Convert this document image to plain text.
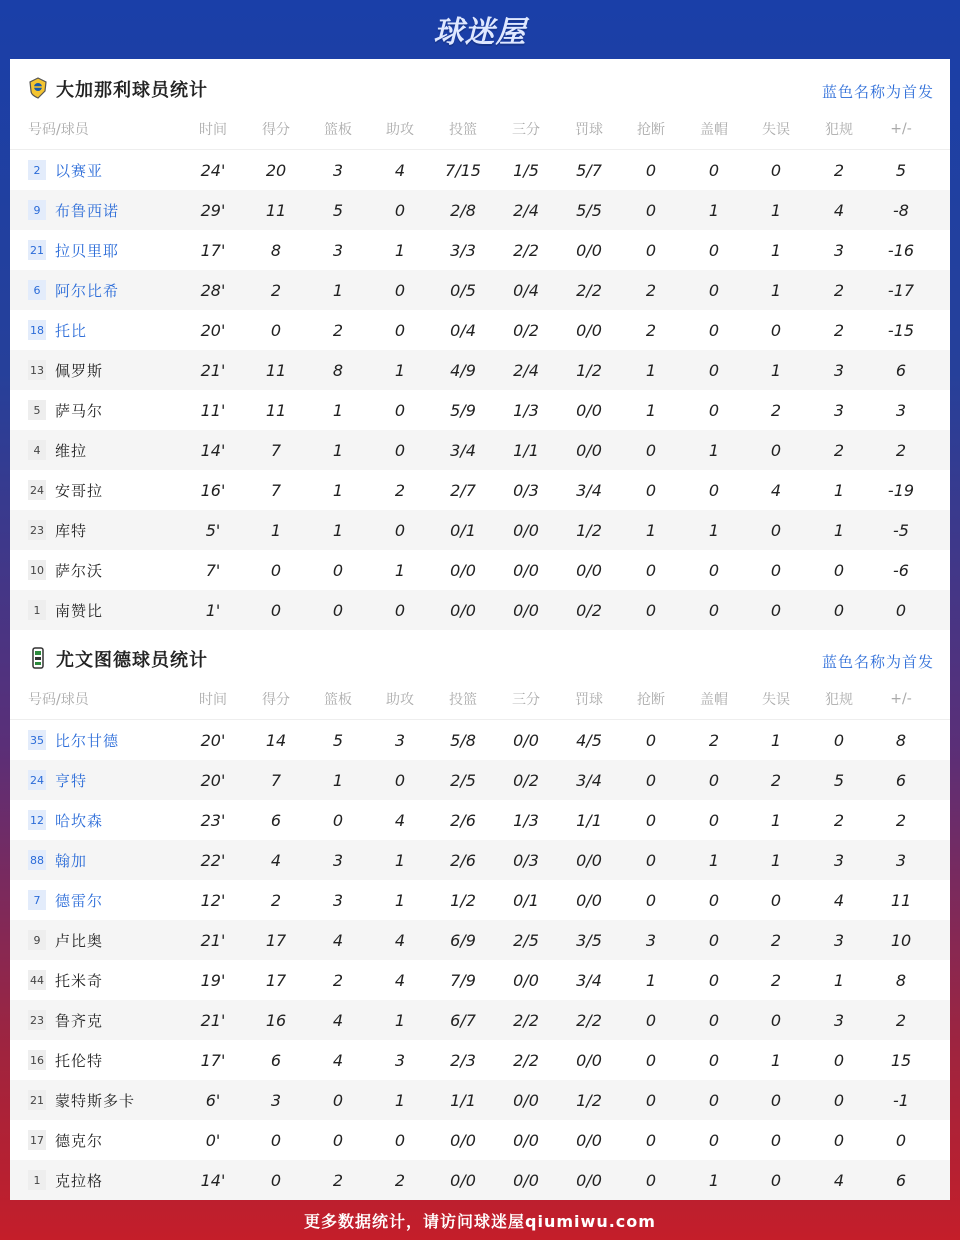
球迷屋
大加那利球员统计	蓝色名称为首发
号码/球员	时间	得分	篮板	助攻	投篮	三分	罚球	抢断	盖帽	失误	犯规	+/-
2 以赛亚	24'	20	3	4	7/15	1/5	5/7	0	0	0	2	5
9 布鲁西诺	29'	11	5	0	2/8	2/4	5/5	0	1	1	4	-8
21 拉贝里耶	17'	8	3	1	3/3	2/2	0/0	0	0	1	3	-16
6 阿尔比希	28'	2	1	0	0/5	0/4	2/2	2	0	1	2	-17
18 托比	20'	0	2	0	0/4	0/2	0/0	2	0	0	2	-15
13 佩罗斯	21'	11	8	1	4/9	2/4	1/2	1	0	1	3	6
5 萨马尔	11'	11	1	0	5/9	1/3	0/0	1	0	2	3	3
4 维拉	14'	7	1	0	3/4	1/1	0/0	0	1	0	2	2
24 安哥拉	16'	7	1	2	2/7	0/3	3/4	0	0	4	1	-19
23 库特	5'	1	1	0	0/1	0/0	1/2	1	1	0	1	-5
10 萨尔沃	7'	0	0	1	0/0	0/0	0/0	0	0	0	0	-6
1 南赞比	1'	0	0	0	0/0	0/0	0/2	0	0	0	0	0
尤文图德球员统计	蓝色名称为首发
号码/球员	时间	得分	篮板	助攻	投篮	三分	罚球	抢断	盖帽	失误	犯规	+/-
35 比尔甘德	20'	14	5	3	5/8	0/0	4/5	0	2	1	0	8
24 亨特	20'	7	1	0	2/5	0/2	3/4	0	0	2	5	6
12 哈坎森	23'	6	0	4	2/6	1/3	1/1	0	0	1	2	2
88 翰加	22'	4	3	1	2/6	0/3	0/0	0	1	1	3	3
7 德雷尔	12'	2	3	1	1/2	0/1	0/0	0	0	0	4	11
9 卢比奥	21'	17	4	4	6/9	2/5	3/5	3	0	2	3	10
44 托米奇	19'	17	2	4	7/9	0/0	3/4	1	0	2	1	8
23 鲁齐克	21'	16	4	1	6/7	2/2	2/2	0	0	0	3	2
16 托伦特	17'	6	4	3	2/3	2/2	0/0	0	0	1	0	15
21 蒙特斯多卡	6'	3	0	1	1/1	0/0	1/2	0	0	0	0	-1
17 德克尔	0'	0	0	0	0/0	0/0	0/0	0	0	0	0	0
1 克拉格	14'	0	2	2	0/0	0/0	0/0	0	1	0	4	6
更多数据统计，请访问球迷屋qiumiwu.com
